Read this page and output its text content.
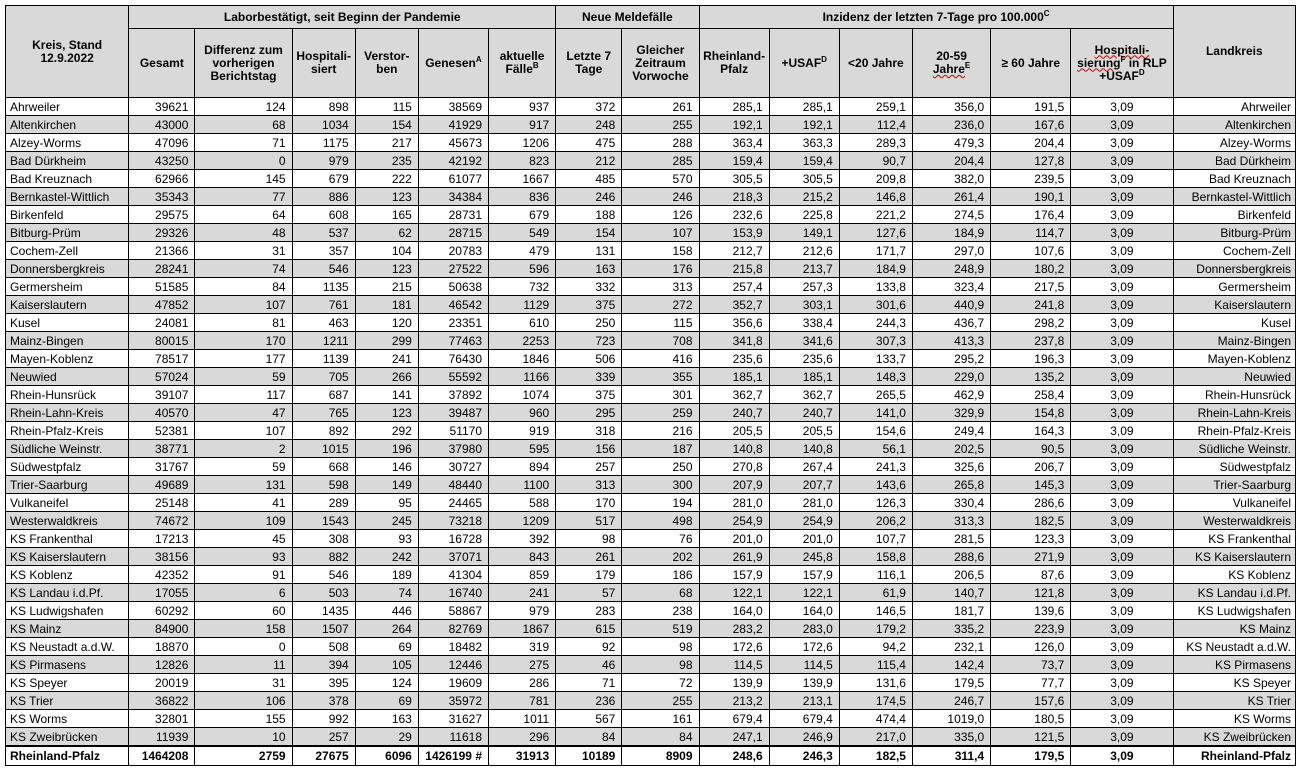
Kreis, Stand 12.9.2022	Laborbestätigt, seit Beginn der Pandemie						Neue Meldefälle		Inzidenz der letzten 7-Tage pro $100.000^C$						Landkreis
	Gesamt	Differenz zum vorherigen Berichtstag	Hospitali-siert	Verstor-ben	Genesen$^A$	aktuelle Fälle$^B$	Letzte 7 Tage	Gleicher Zeitraum Vorwoche	Rheinland-Pfalz	$+USAF^D$	<20 Jahre	20-59 Jahre$^E$	≥ 60 Jahre	Hospitali-sierung$^F$ in RLP $+USAF^D$
Ahrweiler	39621	124	898	115	38569	937	372	261	285,1	285,1	259,1	356,0	191,5	3,09	Ahrweiler
Altenkirchen	43000	68	1034	154	41929	917	248	255	192,1	192,1	112,4	236,0	167,6	3,09	Altenkirchen
Alzey-Worms	47096	71	1175	217	45673	1206	475	288	363,4	363,3	289,3	479,3	204,4	3,09	Alzey-Worms
Bad Dürkheim	43250	0	979	235	42192	823	212	285	159,4	159,4	90,7	204,4	127,8	3,09	Bad Dürkheim
Bad Kreuznach	62966	145	679	222	61077	1667	485	570	305,5	305,5	209,8	382,0	239,5	3,09	Bad Kreuznach
Bernkastel-Wittlich	35343	77	886	123	34384	836	246	246	218,3	215,2	146,8	261,4	190,1	3,09	Bernkastel-Wittlich
Birkenfeld	29575	64	608	165	28731	679	188	126	232,6	225,8	221,2	274,5	176,4	3,09	Birkenfeld
Bitburg-Prüm	29326	48	537	62	28715	549	154	107	153,9	149,1	127,6	184,9	114,7	3,09	Bitburg-Prüm
Cochem-Zell	21366	31	357	104	20783	479	131	158	212,7	212,6	171,7	297,0	107,6	3,09	Cochem-Zell
Donnersbergkreis	28241	74	546	123	27522	596	163	176	215,8	213,7	184,9	248,9	180,2	3,09	Donnersbergkreis
Germersheim	51585	84	1135	215	50638	732	332	313	257,4	257,3	133,8	323,4	217,5	3,09	Germersheim
Kaiserslautern	47852	107	761	181	46542	1129	375	272	352,7	303,1	301,6	440,9	241,8	3,09	Kaiserslautern
Kusel	24081	81	463	120	23351	610	250	115	356,6	338,4	244,3	436,7	298,2	3,09	Kusel
Mainz-Bingen	80015	170	1211	299	77463	2253	723	708	341,8	341,6	307,3	413,3	237,8	3,09	Mainz-Bingen
Mayen-Koblenz	78517	177	1139	241	76430	1846	506	416	235,6	235,6	133,7	295,2	196,3	3,09	Mayen-Koblenz
Neuwied	57024	59	705	266	55592	1166	339	355	185,1	185,1	148,3	229,0	135,2	3,09	Neuwied
Rhein-Hunsrück	39107	117	687	141	37892	1074	375	301	362,7	362,7	265,5	462,9	258,4	3,09	Rhein-Hunsrück
Rhein-Lahn-Kreis	40570	47	765	123	39487	960	295	259	240,7	240,7	141,0	329,9	154,8	3,09	Rhein-Lahn-Kreis
Rhein-Pfalz-Kreis	52381	107	892	292	51170	919	318	216	205,5	205,5	154,6	249,4	164,3	3,09	Rhein-Pfalz-Kreis
Südliche Weinstr.	38771	2	1015	196	37980	595	156	187	140,8	140,8	56,1	202,5	90,5	3,09	Südliche Weinstr.
Südwestpfalz	31767	59	668	146	30727	894	257	250	270,8	267,4	241,3	325,6	206,7	3,09	Südwestpfalz
Trier-Saarburg	49689	131	598	149	48440	1100	313	300	207,9	207,7	143,6	265,8	145,3	3,09	Trier-Saarburg
Vulkaneifel	25148	41	289	95	24465	588	170	194	281,0	281,0	126,3	330,4	286,6	3,09	Vulkaneifel
Westerwaldkreis	74672	109	1543	245	73218	1209	517	498	254,9	254,9	206,2	313,3	182,5	3,09	Westerwaldkreis
KS Frankenthal	17213	45	308	93	16728	392	98	76	201,0	201,0	107,7	281,5	123,3	3,09	KS Frankenthal
KS Kaiserslautern	38156	93	882	242	37071	843	261	202	261,9	245,8	158,8	288,6	271,9	3,09	KS Kaiserslautern
KS Koblenz	42352	91	546	189	41304	859	179	186	157,9	157,9	116,1	206,5	87,6	3,09	KS Koblenz
KS Landau i.d.Pf.	17055	6	503	74	16740	241	57	68	122,1	122,1	61,9	140,7	121,8	3,09	KS Landau i.d.Pf.
KS Ludwigshafen	60292	60	1435	446	58867	979	283	238	164,0	164,0	146,5	181,7	139,6	3,09	KS Ludwigshafen
KS Mainz	84900	158	1507	264	82769	1867	615	519	283,2	283,0	179,2	335,2	223,9	3,09	KS Mainz
KS Neustadt a.d.W.	18870	0	508	69	18482	319	92	98	172,6	172,6	94,2	232,1	126,0	3,09	KS Neustadt a.d.W.
KS Pirmasens	12826	11	394	105	12446	275	46	98	114,5	114,5	115,4	142,4	73,7	3,09	KS Pirmasens
KS Speyer	20019	31	395	124	19609	286	71	72	139,9	139,9	131,6	179,5	77,7	3,09	KS Speyer
KS Trier	36822	106	378	69	35972	781	236	255	213,2	213,1	174,5	246,7	157,6	3,09	KS Trier
KS Worms	32801	155	992	163	31627	1011	567	161	679,4	679,4	474,4	1019,0	180,5	3,09	KS Worms
KS Zweibrücken	11939	10	257	29	11618	296	84	84	247,1	246,9	217,0	335,0	121,5	3,09	KS Zweibrücken
Rheinland-Pfalz	1464208	2759	27675	6096	1426199 #	31913	10189	8909	248,6	246,3	182,5	311,4	179,5	3,09	Rheinland-Pfalz
